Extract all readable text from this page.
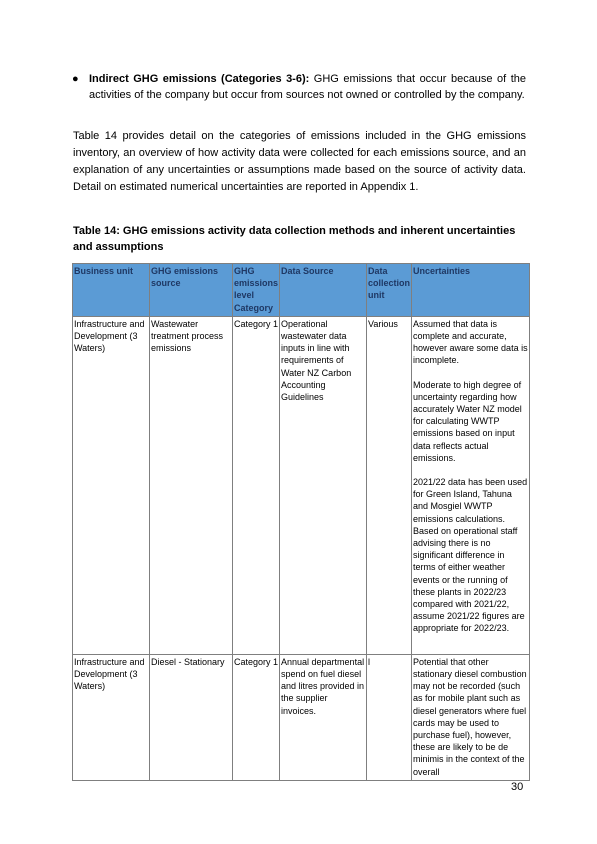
● Indirect GHG emissions (Categories 3-6): GHG emissions that occur because of the activities of the company but occur from sources not owned or controlled by the company.

Table 14 provides detail on the categories of emissions included in the GHG emissions inventory, an overview of how activity data were collected for each emissions source, and an explanation of any uncertainties or assumptions made based on the source of activity data. Detail on estimated numerical uncertainties are reported in Appendix 1.

Table 14: GHG emissions activity data collection methods and inherent uncertainties and assumptions

Business unit	GHG emissions source	GHG emissions level Category	Data Source	Data collection unit	Uncertainties
Infrastructure and Development (3 Waters)	Wastewater treatment process emissions	Category 1	Operational wastewater data inputs in line with requirements of Water NZ Carbon Accounting Guidelines	Various	Assumed that data is complete and accurate, however aware some data is incomplete.

Moderate to high degree of uncertainty regarding how accurately Water NZ model for calculating WWTP emissions based on input data reflects actual emissions.

2021/22 data has been used for Green Island, Tahuna and Mosgiel WWTP emissions calculations. Based on operational staff advising there is no significant difference in terms of either weather events or the running of these plants in 2022/23 compared with 2021/22, assume 2021/22 figures are appropriate for 2022/23.

Infrastructure and Development (3 Waters)	Diesel - Stationary	Category 1	Annual departmental spend on fuel diesel and litres provided in the supplier invoices.	l	Potential that other stationary diesel combustion may not be recorded (such as for mobile plant such as diesel generators where fuel cards may be used to purchase fuel), however, these are likely to be de minimis in the context of the overall

30
